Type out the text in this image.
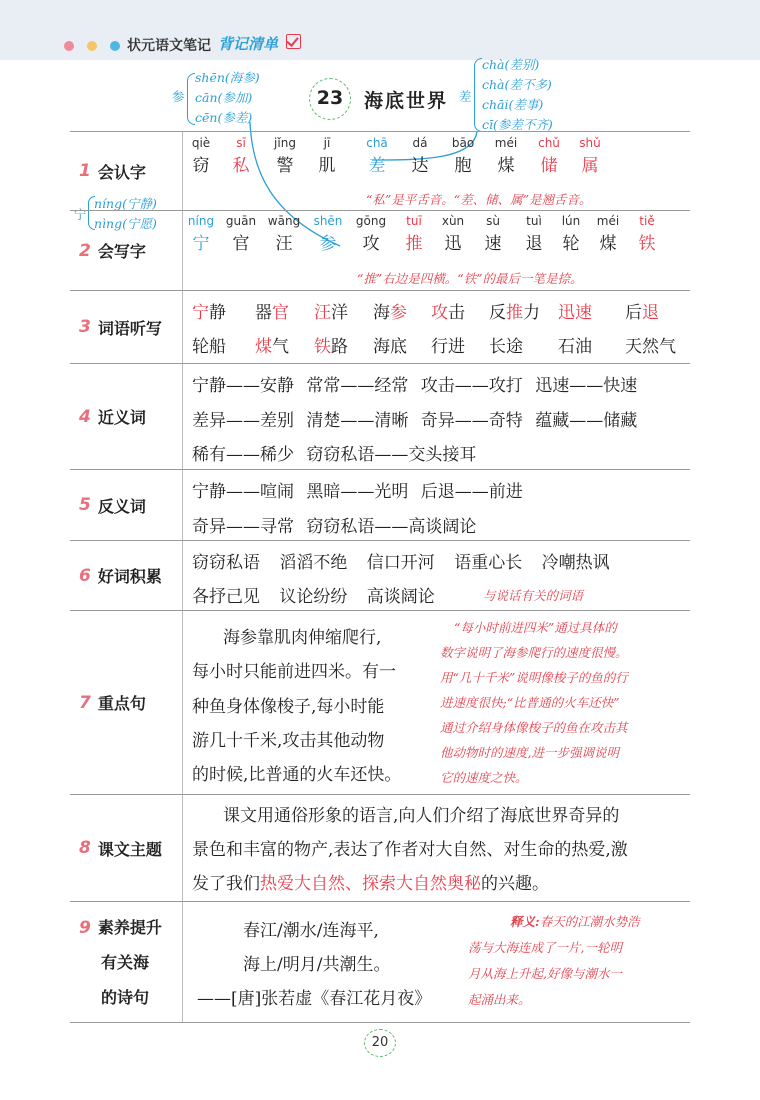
状元语文笔记 背记清单
23	海底世界
参
shēn(海参)
cān(参加)
cēn(参差)
差
chà(差别)
chà(差不多)
chāi(差事)
cī(参差不齐)
宁
níng(宁静)
nìng(宁愿)
1 会认字
“私”是平舌音。“差、储、属”是翘舌音。
qiè
窃
sī
私
jǐng
警
jī
肌
chā
差
dá
达
bāo
胞
méi
煤
chǔ
储
shǔ
属
2 会写字
“推”右边是四横。“铁”的最后一笔是捺。
níng
宁
guān
官
wāng
汪
shēn
参
gōng
攻
tuī
推
xùn
迅
sù
速
tuì
退
lún
轮
méi
煤
tiě
铁
3 词语听写
宁静 器官 汪洋 海参 攻击 反推力 迅速 后退
轮船 煤气 铁路 海底 行进 长途 石油 天然气
4 近义词
宁静——安静 常常——经常 攻击——攻打 迅速——快速
差异——差别 清楚——清晰 奇异——奇特 蕴藏——储藏
稀有——稀少 窃窃私语——交头接耳
5 反义词
宁静——喧闹 黑暗——光明 后退——前进
奇异——寻常 窃窃私语——高谈阔论
6 好词积累
窃窃私语 滔滔不绝 信口开河 语重心长 冷嘲热讽
各抒己见 议论纷纷 高谈阔论	与说话有关的词语
7 重点句
海参靠肌肉伸缩爬行,
每小时只能前进四米。有一
种鱼身体像梭子,每小时能
游几十千米,攻击其他动物
的时候,比普通的火车还快。
“每小时前进四米”通过具体的
数字说明了海参爬行的速度很慢。
用“几十千米”说明像梭子的鱼的行
进速度很快;“比普通的火车还快”
通过介绍身体像梭子的鱼在攻击其
他动物时的速度,进一步强调说明
它的速度之快。
8 课文主题
课文用通俗形象的语言,向人们介绍了海底世界奇异的
景色和丰富的物产,表达了作者对大自然、对生命的热爱,激
发了我们热爱大自然、探索大自然奥秘的兴趣。
9 素养提升
有关海
的诗句
春江/潮水/连海平,
海上/明月/共潮生。
——[唐]张若虚《春江花月夜》
释义:春天的江潮水势浩
荡与大海连成了一片,一轮明
月从海上升起,好像与潮水一
起涌出来。
20
